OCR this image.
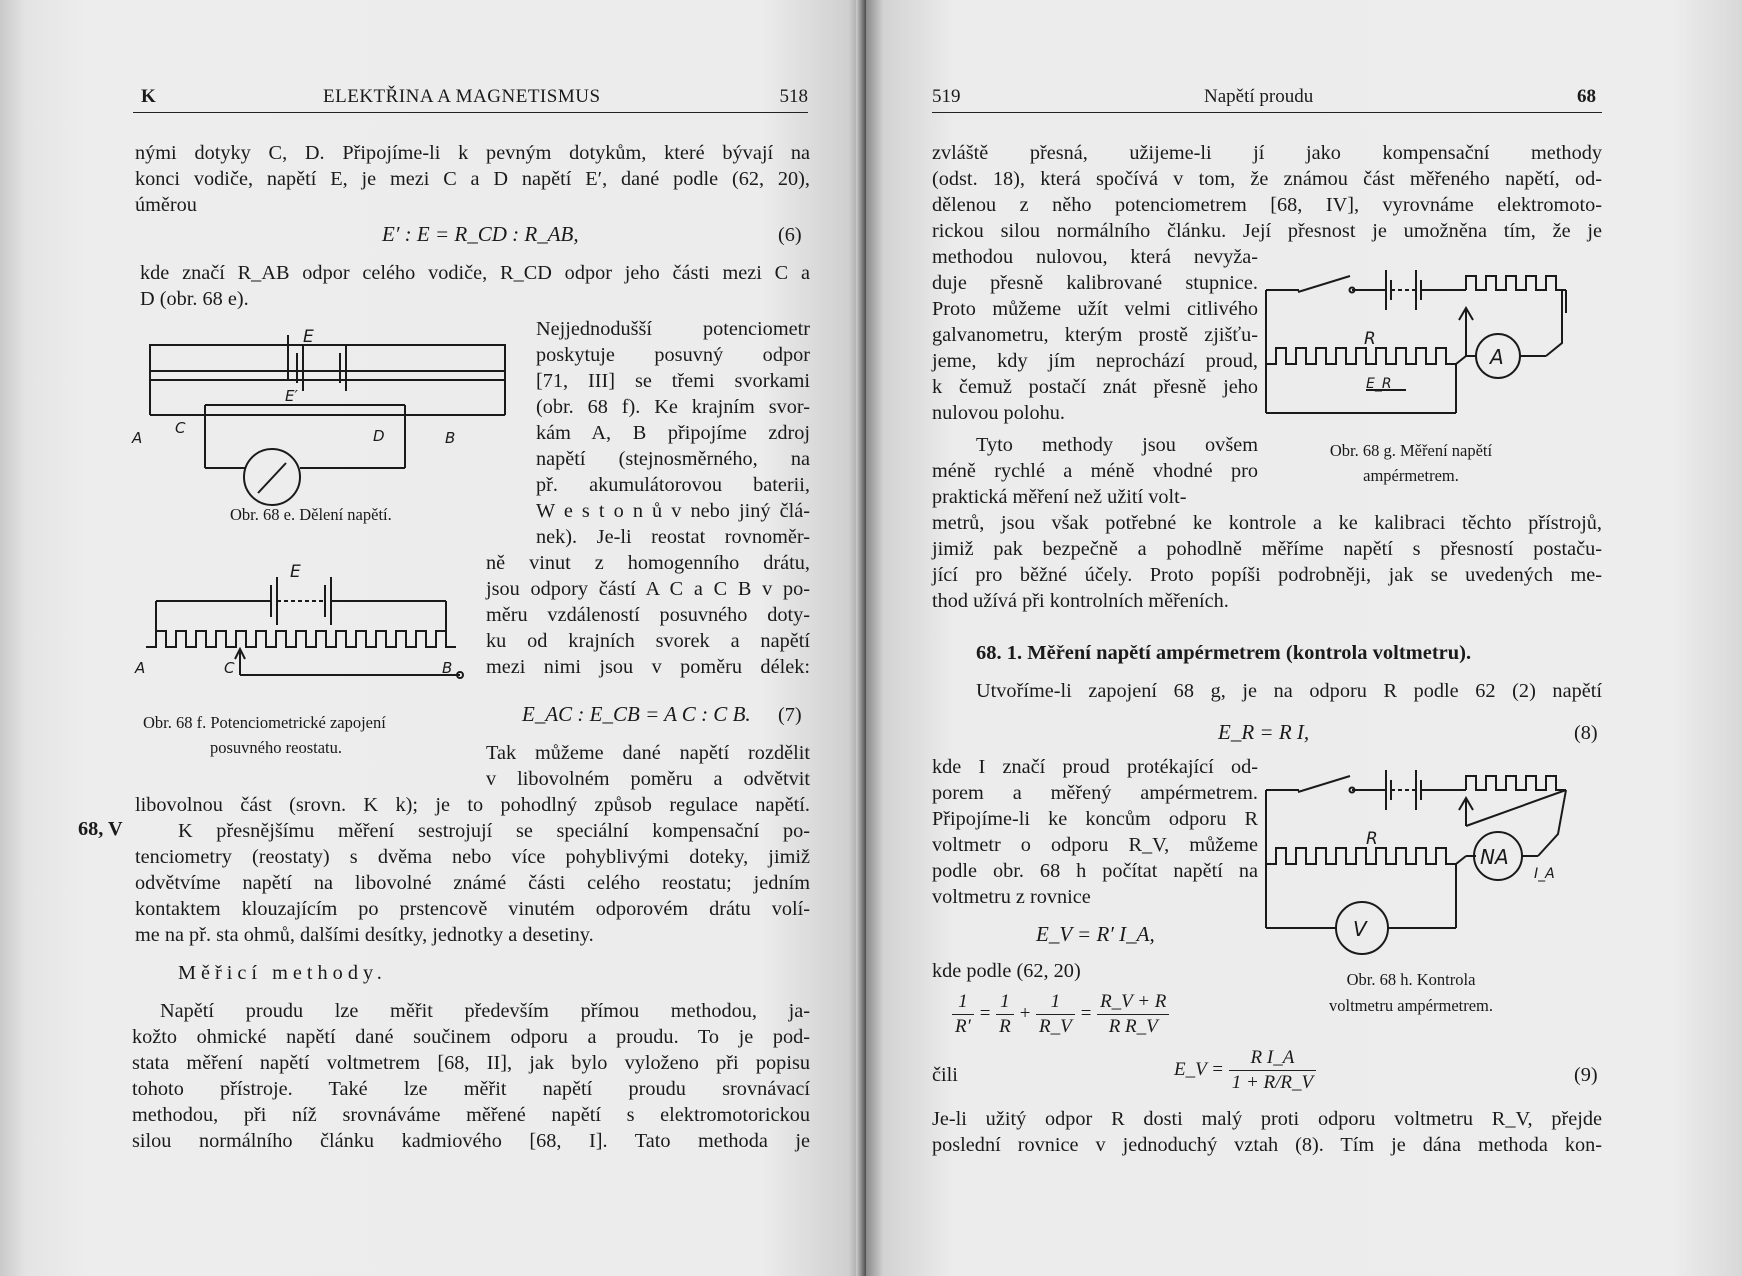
K	ELEKTŘINA A MAGNETISMUS	518
nými dotyky C, D. Připojíme-li k pevným dotykům, které bývají na
konci vodiče, napětí E, je mezi C a D napětí E′, dané podle (62, 20),
úměrou
E′ : E = R_CD : R_AB,	(6)
kde značí R_AB odpor celého vodiče, R_CD odpor jeho části mezi C a
D (obr. 68 e).
E
E′
A
C	D	B
Obr. 68 e. Dělení napětí.
Nejjednodušší potenciometr
poskytuje posuvný odpor
[71, III] se třemi svorkami
(obr. 68 f). Ke krajním svor-
kám A, B připojíme zdroj
napětí (stejnosměrného, na
př. akumulátorovou baterii,
W e s t o n ů v nebo jiný člá-
nek). Je-li reostat rovnoměr-
ně vinut z homogenního drátu,
jsou odpory částí A C a C B v po-
měru vzdáleností posuvného doty-
ku od krajních svorek a napětí
mezi nimi jsou v poměru délek:
E_AC : E_CB = A C : C B. (7)
Tak můžeme dané napětí rozdělit
v libovolném poměru a odvětvit
E
A	C	B
Obr. 68 f. Potenciometrické zapojení
posuvného reostatu.
libovolnou část (srovn. K k); je to pohodlný způsob regulace napětí.
68, V	K přesnějšímu měření sestrojují se speciální kompensační po-
tenciometry (reostaty) s dvěma nebo více pohyblivými doteky, jimiž
odvětvíme napětí na libovolné známé části celého reostatu; jedním
kontaktem klouzajícím po prstencově vinutém odporovém drátu volí-
me na př. sta ohmů, dalšími desítky, jednotky a desetiny.
Měřicí methody.
Napětí proudu lze měřit především přímou methodou, ja-
kožto ohmické napětí dané součinem odporu a proudu. To je pod-
stata měření napětí voltmetrem [68, II], jak bylo vyloženo při popisu
tohoto přístroje. Také lze měřit napětí proudu srovnávací
methodou, při níž srovnáváme měřené napětí s elektromotorickou
silou normálního článku kadmiového [68, I]. Tato methoda je
519	Napětí proudu	68
zvláště přesná, užijeme-li jí jako kompensační methody
(odst. 18), která spočívá v tom, že známou část měřeného napětí, od-
dělenou z něho potenciometrem [68, IV], vyrovnáme elektromoto-
rickou silou normálního článku. Její přesnost je umožněna tím, že je
methodou nulovou, která nevyža-
duje přesně kalibrované stupnice.
Proto můžeme užít velmi citlivého
galvanometru, kterým prostě zjišťu-
jeme, kdy jím neprochází proud,
k čemuž postačí znát přesně jeho
nulovou polohu.
Tyto methody jsou ovšem
méně rychlé a méně vhodné pro
praktická měření než užití volt-
R
A
E_R
Obr. 68 g. Měření napětí
ampérmetrem.
metrů, jsou však potřebné ke kontrole a ke kalibraci těchto přístrojů,
jimiž pak bezpečně a pohodlně měříme napětí s přesností postaču-
jící pro běžné účely. Proto popíši podrobněji, jak se uvedených me-
thod užívá při kontrolních měřeních.
68. 1. Měření napětí ampérmetrem (kontrola voltmetru).
Utvoříme-li zapojení 68 g, je na odporu R podle 62 (2) napětí
E_R = R I,	(8)
kde I značí proud protékající od-
porem a měřený ampérmetrem.
Připojíme-li ke koncům odporu R
voltmetr o odporu R_V, můžeme
podle obr. 68 h počítat napětí na
voltmetru z rovnice
E_V = R′ I_A,
kde podle (62, 20)
R
NA
I_A
V
Obr. 68 h. Kontrola
voltmetru ampérmetrem.
$\frac{1}{R'} = \frac{1}{R} + \frac{1}{R\_V} = \frac{R\_V + R}{\text{R R\_V}}$
čili	E_V = $\frac{\text{R I\_A}}{1 + R/R\_V}$	(9)
Je-li užitý odpor R dosti malý proti odporu voltmetru R_V, přejde
poslední rovnice v jednoduchý vztah (8). Tím je dána methoda kon-
